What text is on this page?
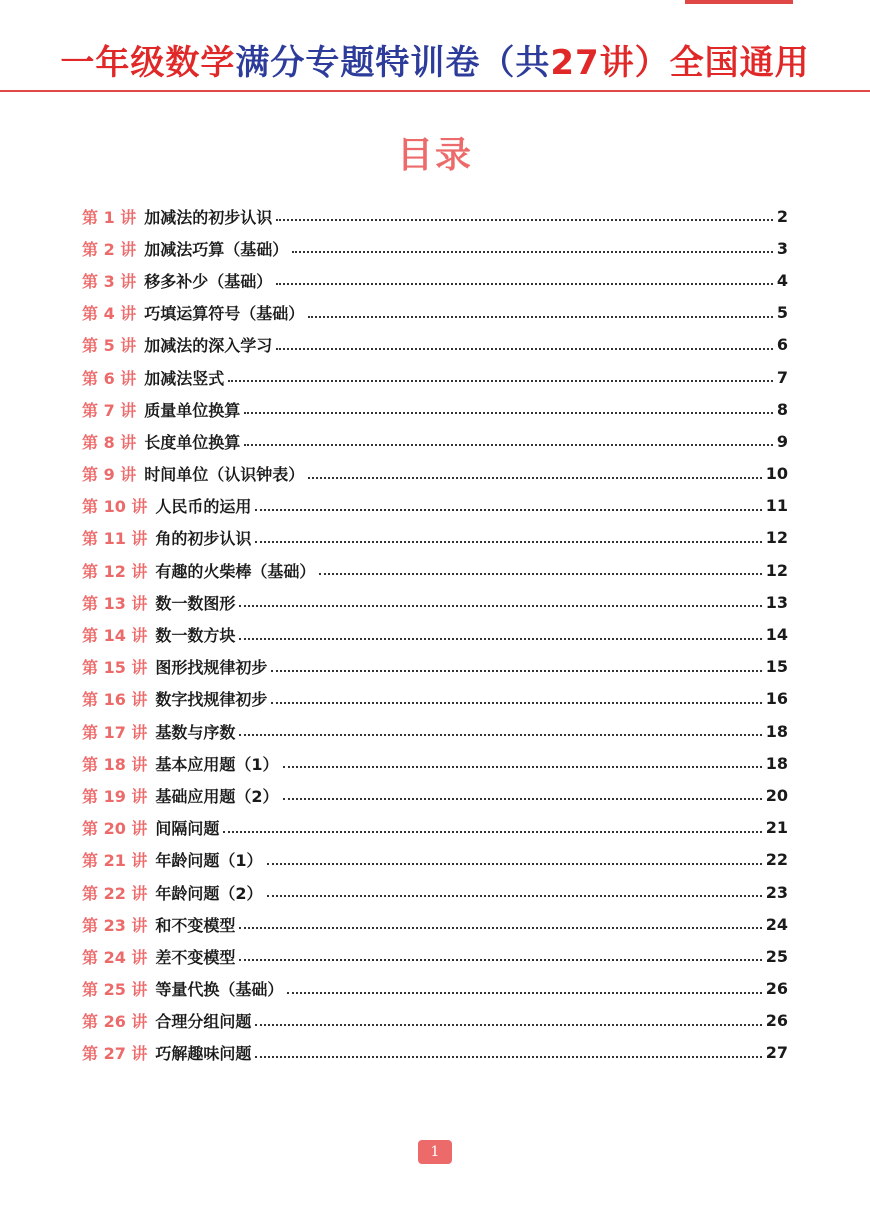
一年级数学满分专题特训卷（共27讲）全国通用
目录
第 1 讲 加减法的初步认识	2
第 2 讲 加减法巧算（基础）	3
第 3 讲 移多补少（基础）	4
第 4 讲 巧填运算符号（基础）	5
第 5 讲 加减法的深入学习	6
第 6 讲 加减法竖式	7
第 7 讲 质量单位换算	8
第 8 讲 长度单位换算	9
第 9 讲 时间单位（认识钟表）	10
第 10 讲 人民币的运用	11
第 11 讲 角的初步认识	12
第 12 讲 有趣的火柴棒（基础）	12
第 13 讲 数一数图形	13
第 14 讲 数一数方块	14
第 15 讲 图形找规律初步	15
第 16 讲 数字找规律初步	16
第 17 讲 基数与序数	18
第 18 讲 基本应用题（1）	18
第 19 讲 基础应用题（2）	20
第 20 讲 间隔问题	21
第 21 讲 年龄问题（1）	22
第 22 讲 年龄问题（2）	23
第 23 讲 和不变模型	24
第 24 讲 差不变模型	25
第 25 讲 等量代换（基础）	26
第 26 讲 合理分组问题	26
第 27 讲 巧解趣味问题	27
1
